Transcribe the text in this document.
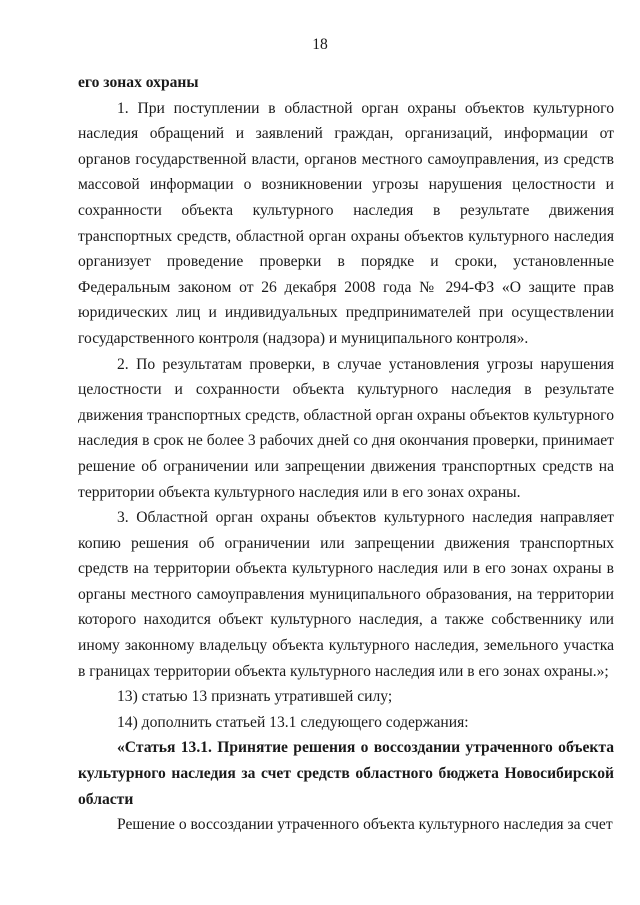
18

его зонах охраны

1. При поступлении в областной орган охраны объектов культурного наследия обращений и заявлений граждан, организаций, информации от органов государственной власти, органов местного самоуправления, из средств массовой информации о возникновении угрозы нарушения целостности и сохранности объекта культурного наследия в результате движения транспортных средств, областной орган охраны объектов культурного наследия организует проведение проверки в порядке и сроки, установленные Федеральным законом от 26 декабря 2008 года № 294-ФЗ «О защите прав юридических лиц и индивидуальных предпринимателей при осуществлении государственного контроля (надзора) и муниципального контроля».

2. По результатам проверки, в случае установления угрозы нарушения целостности и сохранности объекта культурного наследия в результате движения транспортных средств, областной орган охраны объектов культурного наследия в срок не более 3 рабочих дней со дня окончания проверки, принимает решение об ограничении или запрещении движения транспортных средств на территории объекта культурного наследия или в его зонах охраны.

3. Областной орган охраны объектов культурного наследия направляет копию решения об ограничении или запрещении движения транспортных средств на территории объекта культурного наследия или в его зонах охраны в органы местного самоуправления муниципального образования, на территории которого находится объект культурного наследия, а также собственнику или иному законному владельцу объекта культурного наследия, земельного участка в границах территории объекта культурного наследия или в его зонах охраны.»;

13) статью 13 признать утратившей силу;

14) дополнить статьей 13.1 следующего содержания:

«Статья 13.1. Принятие решения о воссоздании утраченного объекта культурного наследия за счет средств областного бюджета Новосибирской области

Решение о воссоздании утраченного объекта культурного наследия за счет
